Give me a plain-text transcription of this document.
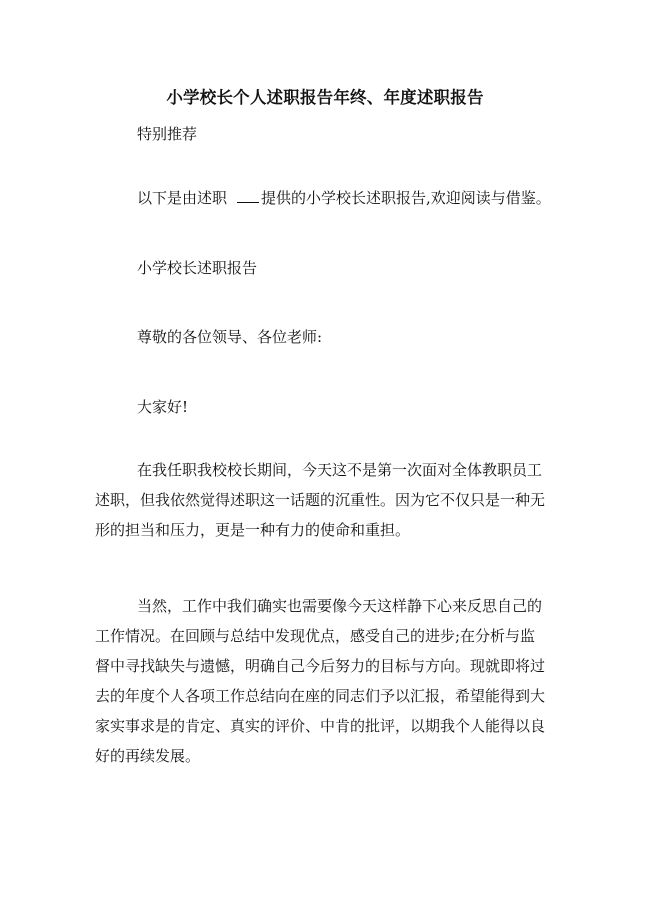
小学校长个人述职报告年终、年度述职报告
特别推荐
以下是由述职 提供的小学校长述职报告,欢迎阅读与借鉴。
小学校长述职报告
尊敬的各位领导、各位老师:
大家好!
在我任职我校校长期间，今天这不是第一次面对全体教职员工
述职，但我依然觉得述职这一话题的沉重性。因为它不仅只是一种无
形的担当和压力，更是一种有力的使命和重担。
当然，工作中我们确实也需要像今天这样静下心来反思自己的
工作情况。在回顾与总结中发现优点，感受自己的进步;在分析与监
督中寻找缺失与遗憾，明确自己今后努力的目标与方向。现就即将过
去的年度个人各项工作总结向在座的同志们予以汇报，希望能得到大
家实事求是的肯定、真实的评价、中肯的批评，以期我个人能得以良
好的再续发展。
